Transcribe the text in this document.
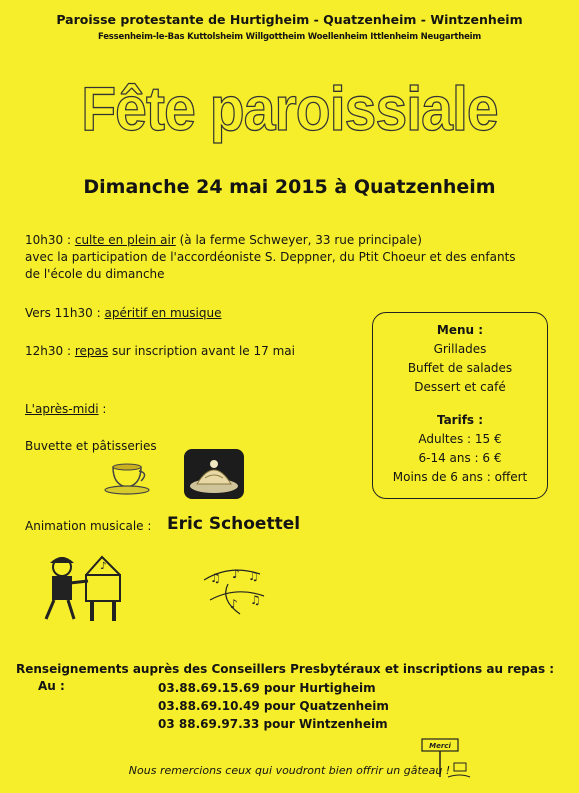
Paroisse protestante de Hurtigheim - Quatzenheim - Wintzenheim
Fessenheim-le-Bas Kuttolsheim Willgottheim Woellenheim Ittlenheim Neugartheim
Fête paroissiale
Dimanche 24 mai 2015 à Quatzenheim
10h30 : culte en plein air (à la ferme Schweyer, 33 rue principale)
avec la participation de l'accordéoniste S. Deppner, du Ptit Choeur et des enfants
de l'école du dimanche
Vers 11h30 : apéritif en musique
12h30 : repas sur inscription avant le 17 mai
L'après-midi :
Buvette et pâtisseries
Menu :
Grillades
Buffet de salades
Dessert et café
Tarifs :
Adultes : 15 €
6-14 ans : 6 €
Moins de 6 ans : offert
Animation musicale : Eric Schoettel
♪
♫ ♪ ♫
♪ ♫
Renseignements auprès des Conseillers Presbytéraux et inscriptions au repas :
Au :	03.88.69.15.69 pour Hurtigheim
03.88.69.10.49 pour Quatzenheim
03 88.69.97.33 pour Wintzenheim
Merci
Nous remercions ceux qui voudront bien offrir un gâteau !
